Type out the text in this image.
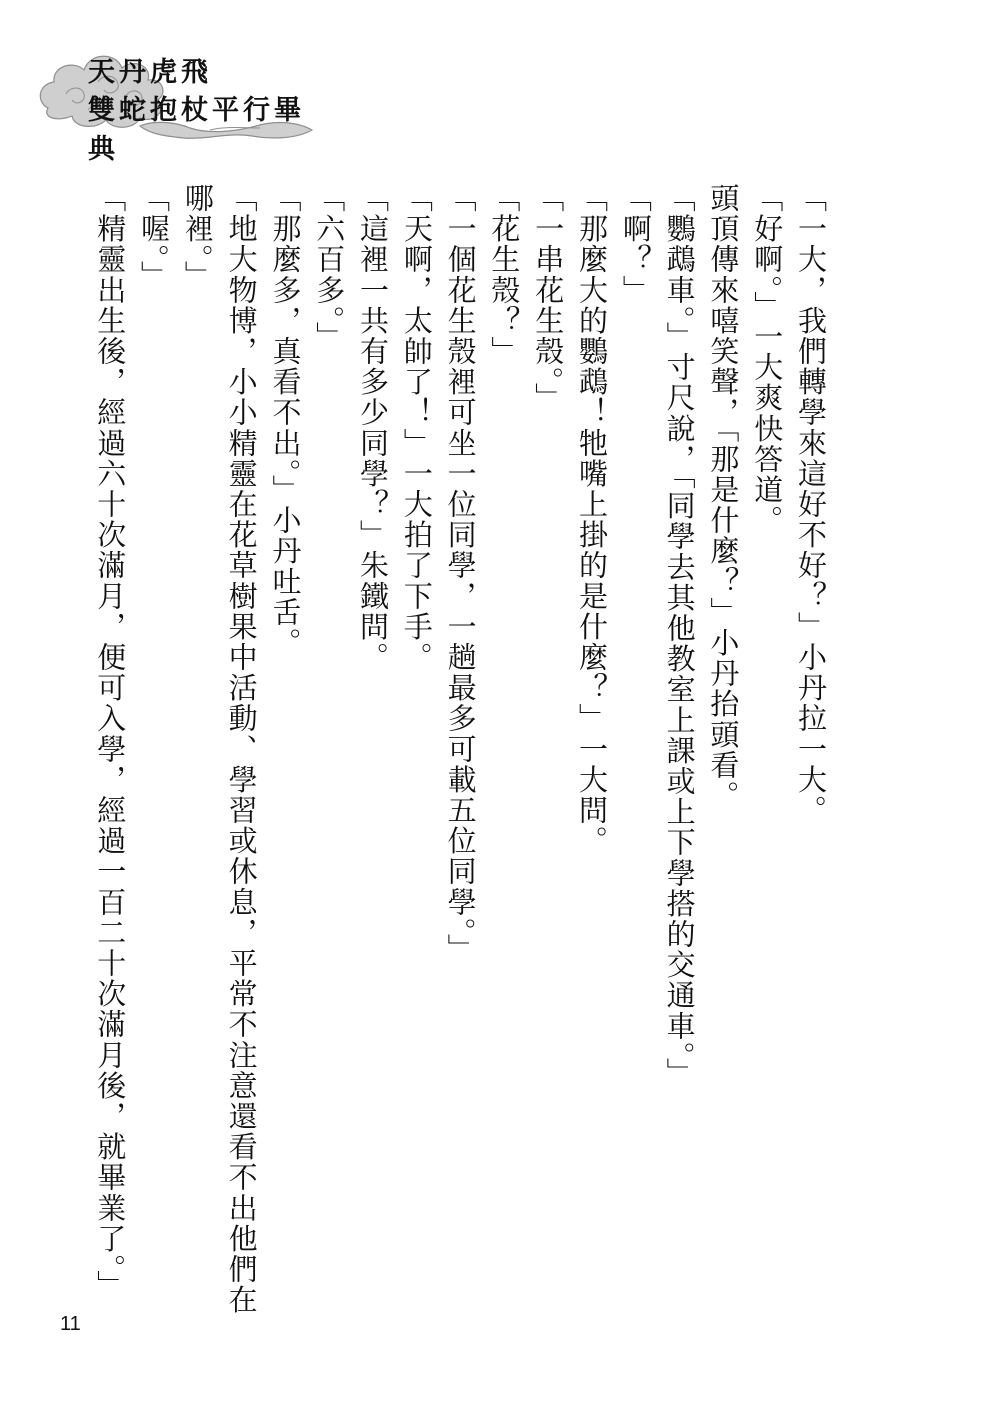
天丹虎飛
雙蛇抱杖平行畢典

「一大，我們轉學來這好不好？」小丹拉一大。

「好啊。」一大爽快答道。

頭頂傳來嘻笑聲，「那是什麼？」小丹抬頭看。

「鸚鵡車。」寸尺說，「同學去其他教室上課或上下學搭的交通車。」

「啊？」

「那麼大的鸚鵡！牠嘴上掛的是什麼？」一大問。

「一串花生殼。」

「花生殼？」

「一個花生殼裡可坐一位同學，一趟最多可載五位同學。」

「天啊，太帥了！」一大拍了下手。

「這裡一共有多少同學？」朱鐵問。

「六百多。」

「那麼多，真看不出。」小丹吐舌。

「地大物博，小小精靈在花草樹果中活動、學習或休息，平常不注意還看不出他們在哪裡。」

「喔。」

「精靈出生後，經過六十次滿月，便可入學，經過一百二十次滿月後，就畢業了。」

11
